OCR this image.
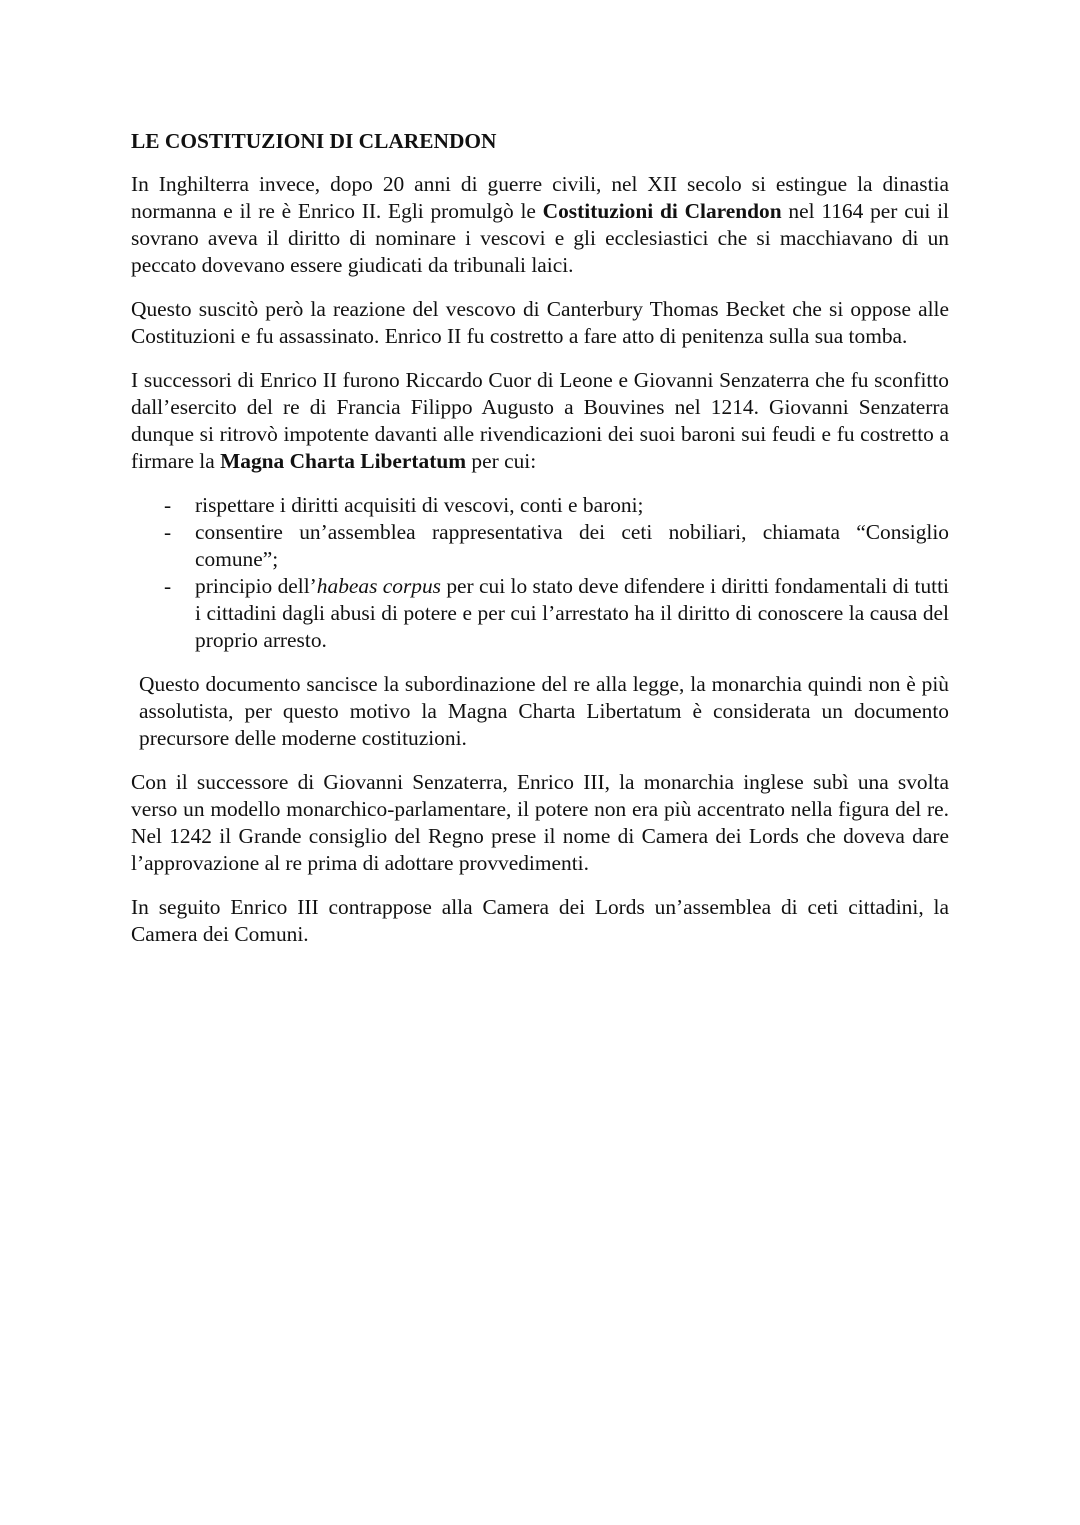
LE COSTITUZIONI DI CLARENDON

In Inghilterra invece, dopo 20 anni di guerre civili, nel XII secolo si estingue la dinastia normanna e il re è Enrico II. Egli promulgò le Costituzioni di Clarendon nel 1164 per cui il sovrano aveva il diritto di nominare i vescovi e gli ecclesiastici che si macchiavano di un peccato dovevano essere giudicati da tribunali laici.

Questo suscitò però la reazione del vescovo di Canterbury Thomas Becket che si oppose alle Costituzioni e fu assassinato. Enrico II fu costretto a fare atto di penitenza sulla sua tomba.

I successori di Enrico II furono Riccardo Cuor di Leone e Giovanni Senzaterra che fu sconfitto dall’esercito del re di Francia Filippo Augusto a Bouvines nel 1214. Giovanni Senzaterra dunque si ritrovò impotente davanti alle rivendicazioni dei suoi baroni sui feudi e fu costretto a firmare la Magna Charta Libertatum per cui:

- rispettare i diritti acquisiti di vescovi, conti e baroni;
- consentire un’assemblea rappresentativa dei ceti nobiliari, chiamata “Consiglio comune”;
- principio dell’habeas corpus per cui lo stato deve difendere i diritti fondamentali di tutti i cittadini dagli abusi di potere e per cui l’arrestato ha il diritto di conoscere la causa del proprio arresto.

Questo documento sancisce la subordinazione del re alla legge, la monarchia quindi non è più assolutista, per questo motivo la Magna Charta Libertatum è considerata un documento precursore delle moderne costituzioni.

Con il successore di Giovanni Senzaterra, Enrico III, la monarchia inglese subì una svolta verso un modello monarchico-parlamentare, il potere non era più accentrato nella figura del re. Nel 1242 il Grande consiglio del Regno prese il nome di Camera dei Lords che doveva dare l’approvazione al re prima di adottare provvedimenti.

In seguito Enrico III contrappose alla Camera dei Lords un’assemblea di ceti cittadini, la Camera dei Comuni.
